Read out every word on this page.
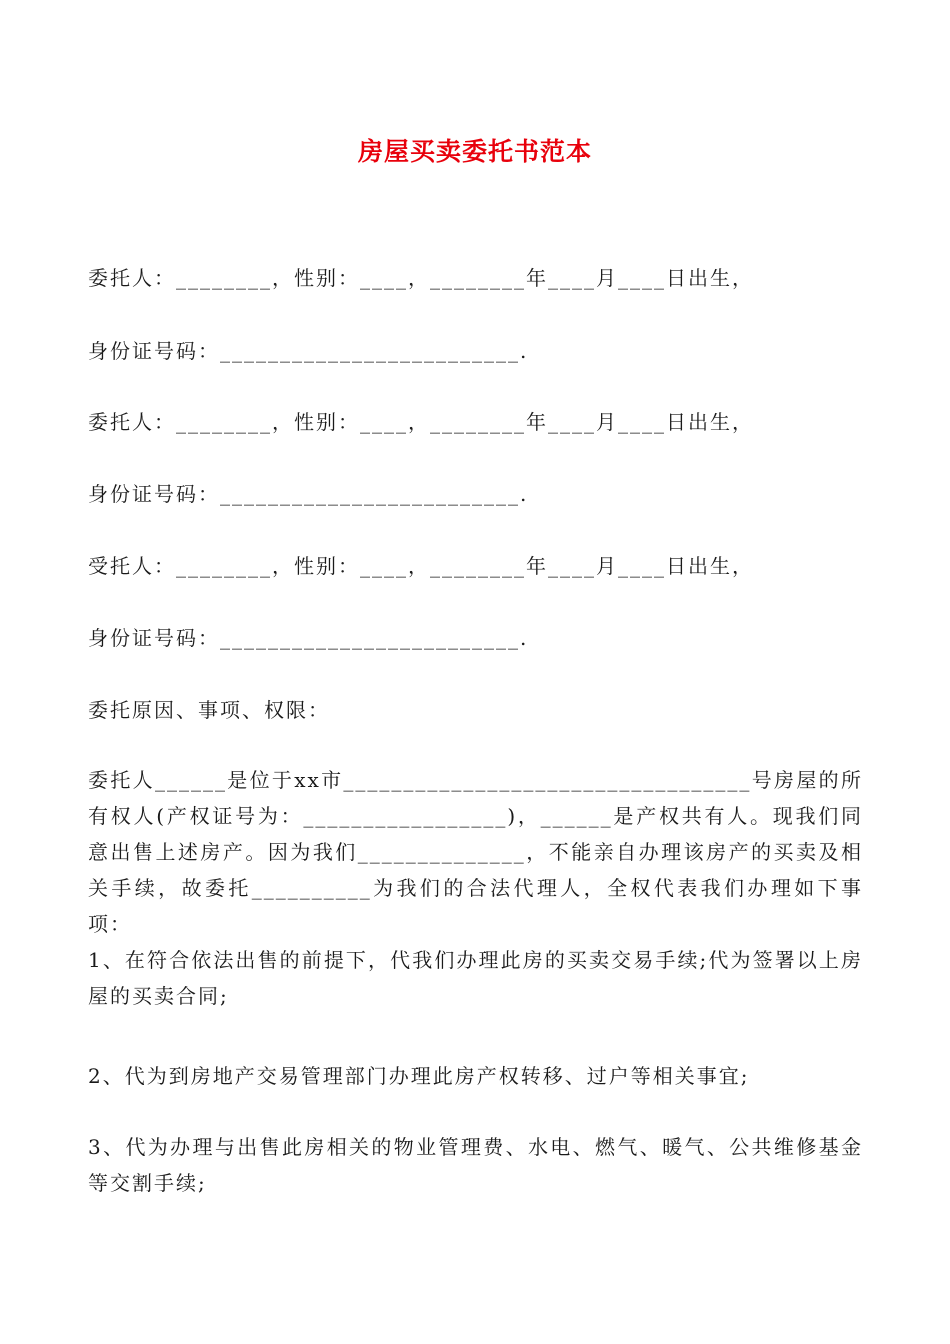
房屋买卖委托书范本
委托人：________，性别：____，________年____月____日出生，
身份证号码：_________________________.
委托人：________，性别：____，________年____月____日出生，
身份证号码：_________________________.
受托人：________，性别：____，________年____月____日出生，
身份证号码：_________________________.
委托原因、事项、权限：
委托人______是位于xx市__________________________________号房屋的所有权人(产权证号为：_________________)，______是产权共有人。现我们同意出售上述房产。因为我们______________，不能亲自办理该房产的买卖及相关手续，故委托__________为我们的合法代理人，全权代表我们办理如下事项：
1、在符合依法出售的前提下，代我们办理此房的买卖交易手续;代为签署以上房屋的买卖合同;
2、代为到房地产交易管理部门办理此房产权转移、过户等相关事宜;
3、代为办理与出售此房相关的物业管理费、水电、燃气、暖气、公共维修基金等交割手续;
